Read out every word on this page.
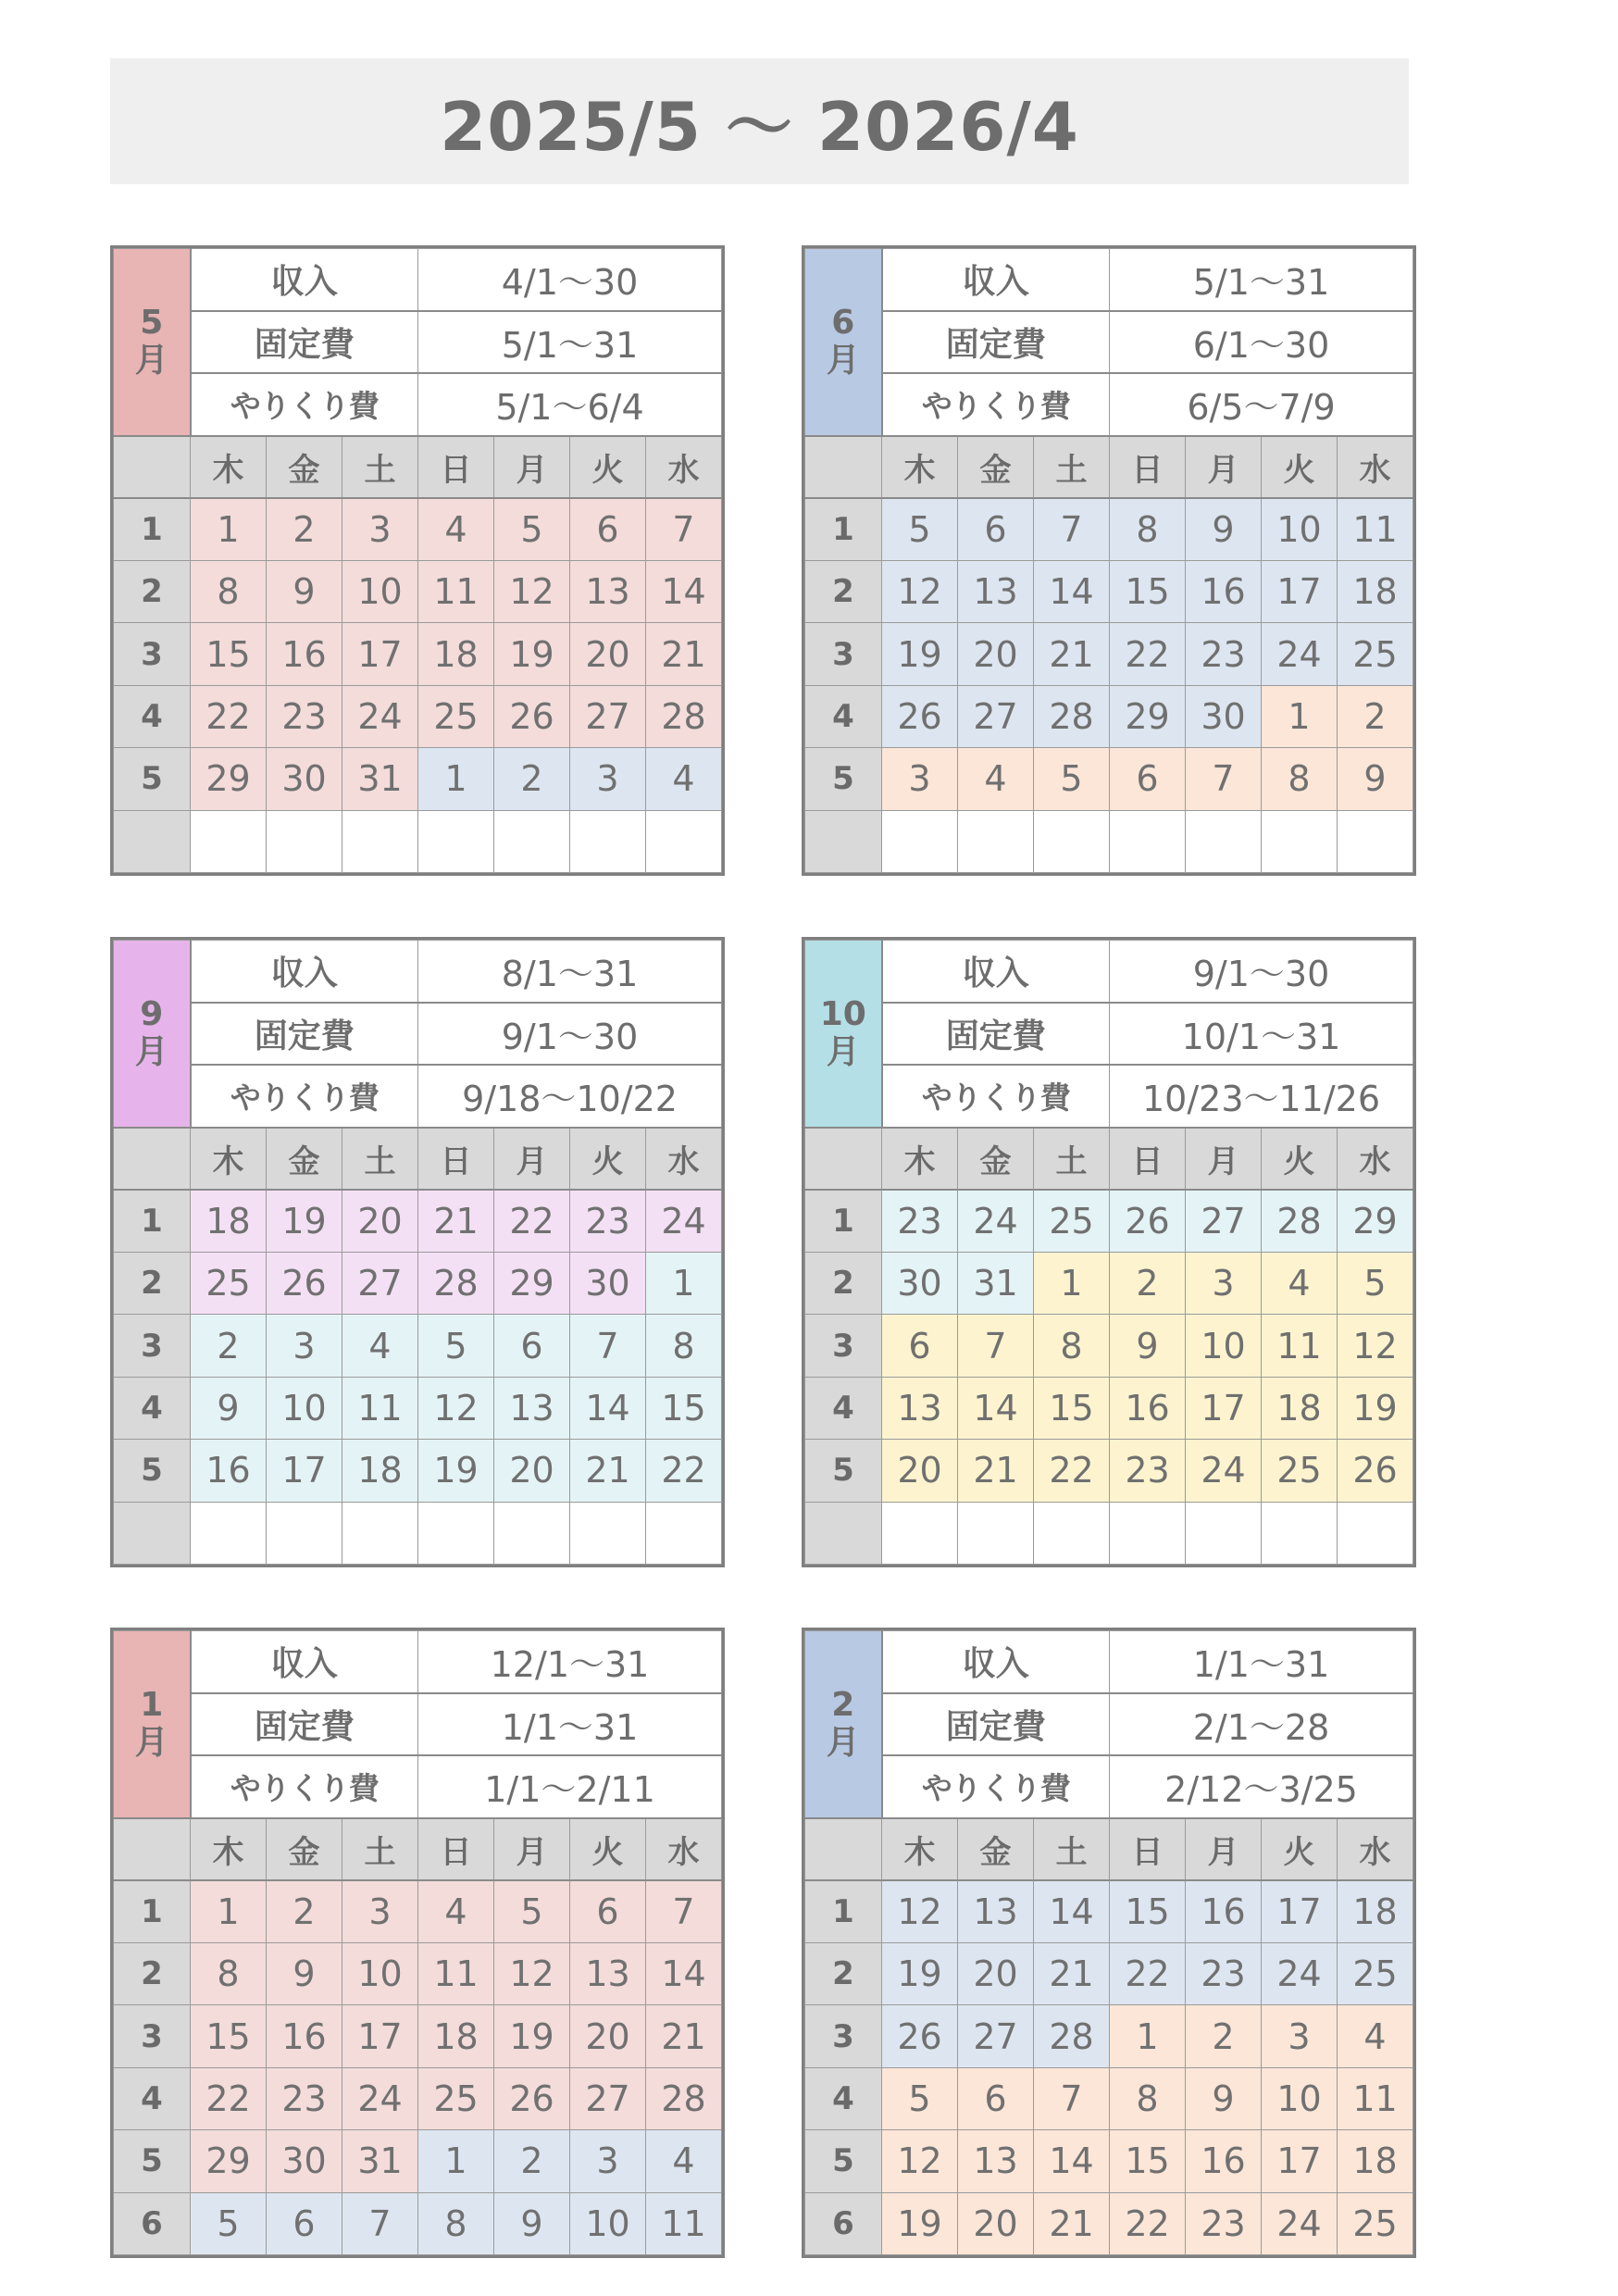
2025/5 ～ 2026/4
5
月	収入			4/1～30			
	固定費			5/1～31			
	やりくり費			5/1～6/4			
	木	金	土	日	月	火	水
1	1	2	3	4	5	6	7
2	8	9	10	11	12	13	14
3	15	16	17	18	19	20	21
4	22	23	24	25	26	27	28
5	29	30	31	1	2	3	4

6
月	収入			5/1～31			
	固定費			6/1～30			
	やりくり費			6/5～7/9			
	木	金	土	日	月	火	水
1	5	6	7	8	9	10	11
2	12	13	14	15	16	17	18
3	19	20	21	22	23	24	25
4	26	27	28	29	30	1	2
5	3	4	5	6	7	8	9

9
月	収入			8/1～31			
	固定費			9/1～30			
	やりくり費			9/18～10/22			
	木	金	土	日	月	火	水
1	18	19	20	21	22	23	24
2	25	26	27	28	29	30	1
3	2	3	4	5	6	7	8
4	9	10	11	12	13	14	15
5	16	17	18	19	20	21	22

10
月	収入			9/1～30			
	固定費			10/1～31			
	やりくり費			10/23～11/26			
	木	金	土	日	月	火	水
1	23	24	25	26	27	28	29
2	30	31	1	2	3	4	5
3	6	7	8	9	10	11	12
4	13	14	15	16	17	18	19
5	20	21	22	23	24	25	26

1
月	収入			12/1～31			
	固定費			1/1～31			
	やりくり費			1/1～2/11			
	木	金	土	日	月	火	水
1	1	2	3	4	5	6	7
2	8	9	10	11	12	13	14
3	15	16	17	18	19	20	21
4	22	23	24	25	26	27	28
5	29	30	31	1	2	3	4
6	5	6	7	8	9	10	11
2
月	収入			1/1～31			
	固定費			2/1～28			
	やりくり費			2/12～3/25			
	木	金	土	日	月	火	水
1	12	13	14	15	16	17	18
2	19	20	21	22	23	24	25
3	26	27	28	1	2	3	4
4	5	6	7	8	9	10	11
5	12	13	14	15	16	17	18
6	19	20	21	22	23	24	25
